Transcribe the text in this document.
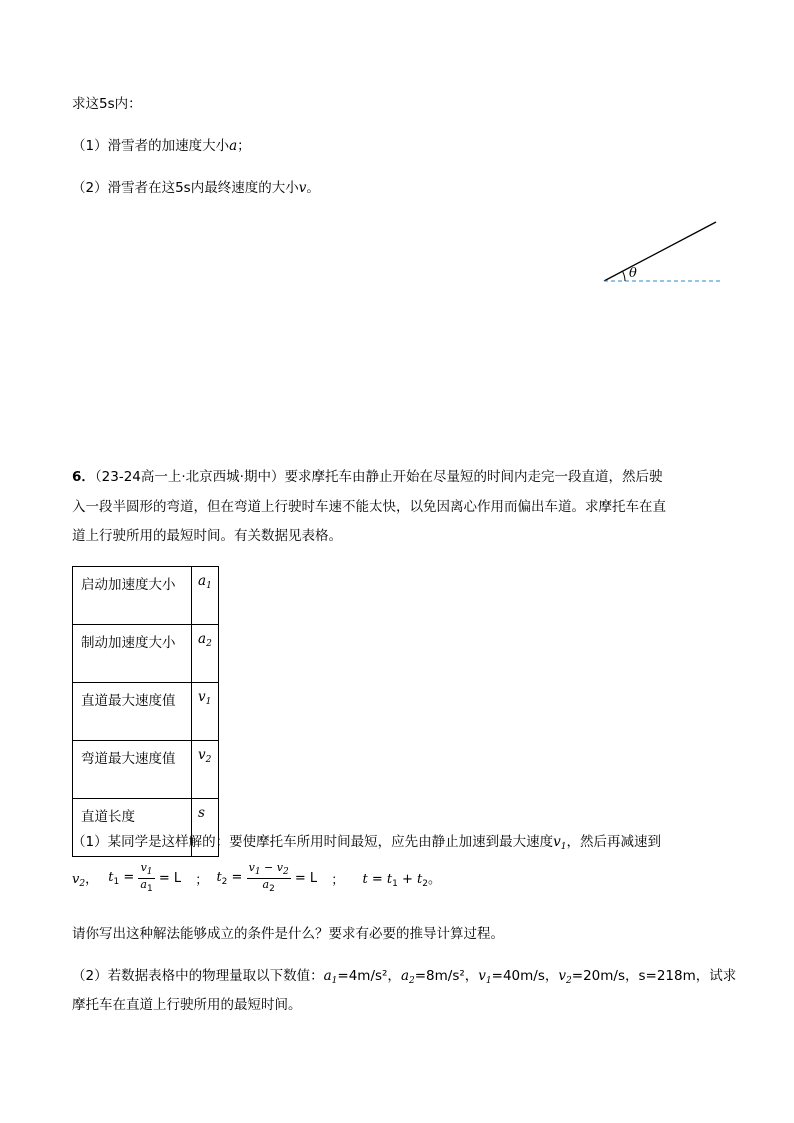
求这5s内：
（1）滑雪者的加速度大小a；
（2）滑雪者在这5s内最终速度的大小v。
θ
6．（23-24高一上·北京西城·期中）要求摩托车由静止开始在尽量短的时间内走完一段直道，然后驶
入一段半圆形的弯道，但在弯道上行驶时车速不能太快，以免因离心作用而偏出车道。求摩托车在直
道上行驶所用的最短时间。有关数据见表格。
启动加速度大小	$a_1$
制动加速度大小	$a_2$
直道最大速度值	$v_1$
弯道最大速度值	$v_2$
直道长度	s
（1）某同学是这样解的：要使摩托车所用时间最短，应先由静止加速到最大速度$v_1$，然后再减速到
$v_2$， $t_1 = \frac{v_1}{a_1} = L$ ； $t_2 = \frac{v_1 - v_2}{a_2} = L$ ； $t = t_1 + t_2$。
请你写出这种解法能够成立的条件是什么？要求有必要的推导计算过程。
（2）若数据表格中的物理量取以下数值：$a_1=4m/s^2$，$a_2=8m/s^2$，$v_1=40m/s$，$v_2=20m/s$，s=218m，试求
摩托车在直道上行驶所用的最短时间。
